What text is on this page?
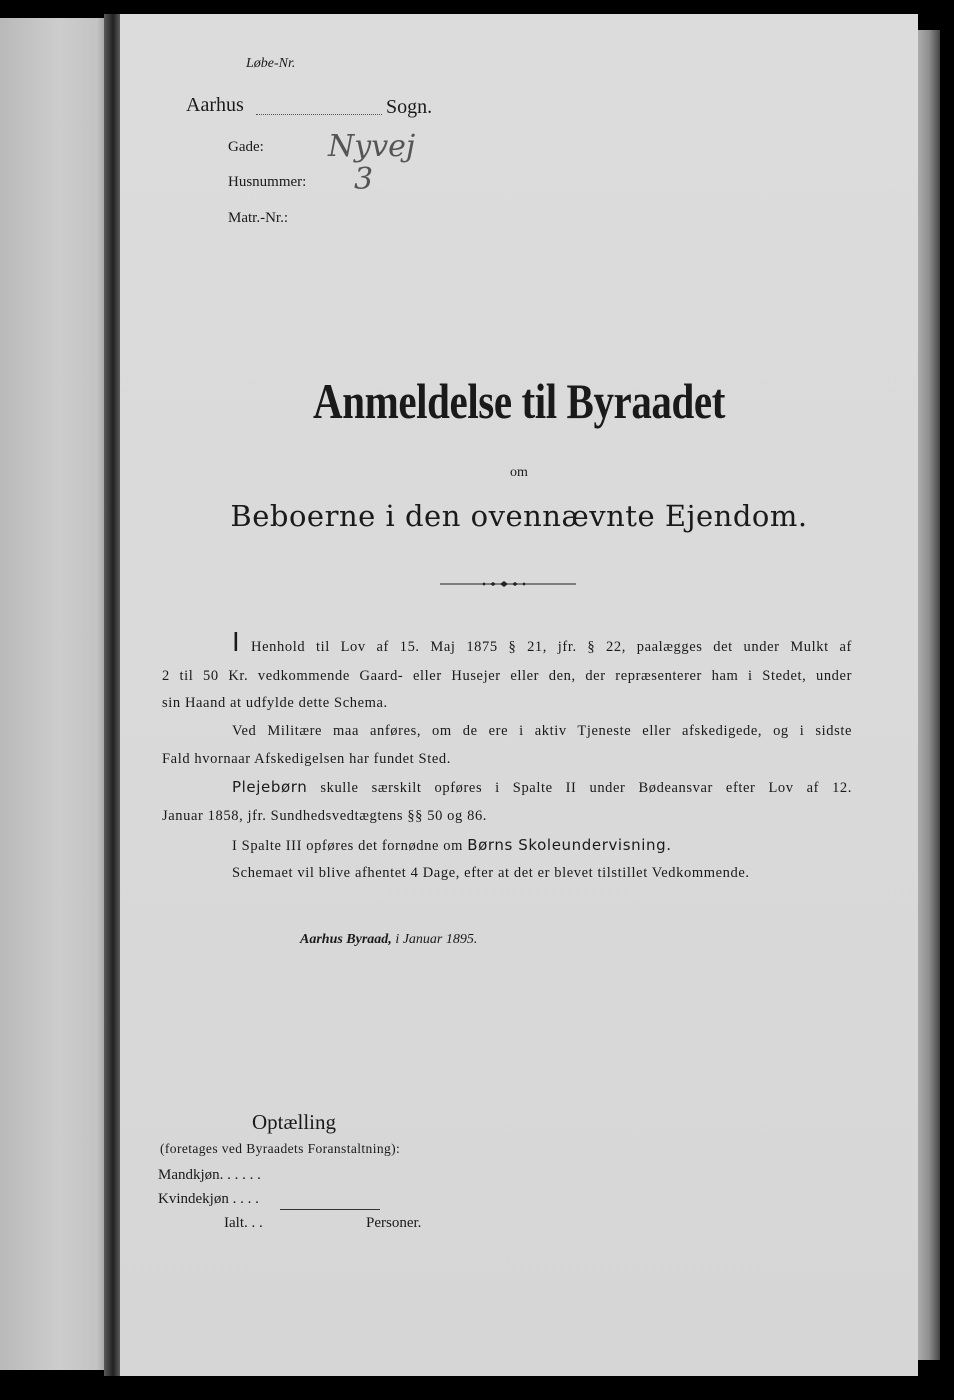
Løbe-Nr.
Aarhus	Sogn.
Gade: Nyvej
Husnummer: 3
Matr.-Nr.:
Anmeldelse til Byraadet
om
Beboerne i den ovennævnte Ejendom.
I Henhold til Lov af 15. Maj 1875 § 21, jfr. § 22, paalægges det under Mulkt af
2 til 50 Kr. vedkommende Gaard- eller Husejer eller den, der repræsenterer ham i Stedet, under
sin Haand at udfylde dette Schema.
Ved Militære maa anføres, om de ere i aktiv Tjeneste eller afskedigede, og i sidste
Fald hvornaar Afskedigelsen har fundet Sted.
Plejebørn skulle særskilt opføres i Spalte II under Bødeansvar efter Lov af 12.
Januar 1858, jfr. Sundhedsvedtægtens §§ 50 og 86.
I Spalte III opføres det fornødne om Børns Skoleundervisning.
Schemaet vil blive afhentet 4 Dage, efter at det er blevet tilstillet Vedkommende.
Aarhus Byraad, i Januar 1895.
Optælling
(foretages ved Byraadets Foranstaltning):
Mandkjøn. . . . . .
Kvindekjøn . . . .
Ialt. . .	Personer.
